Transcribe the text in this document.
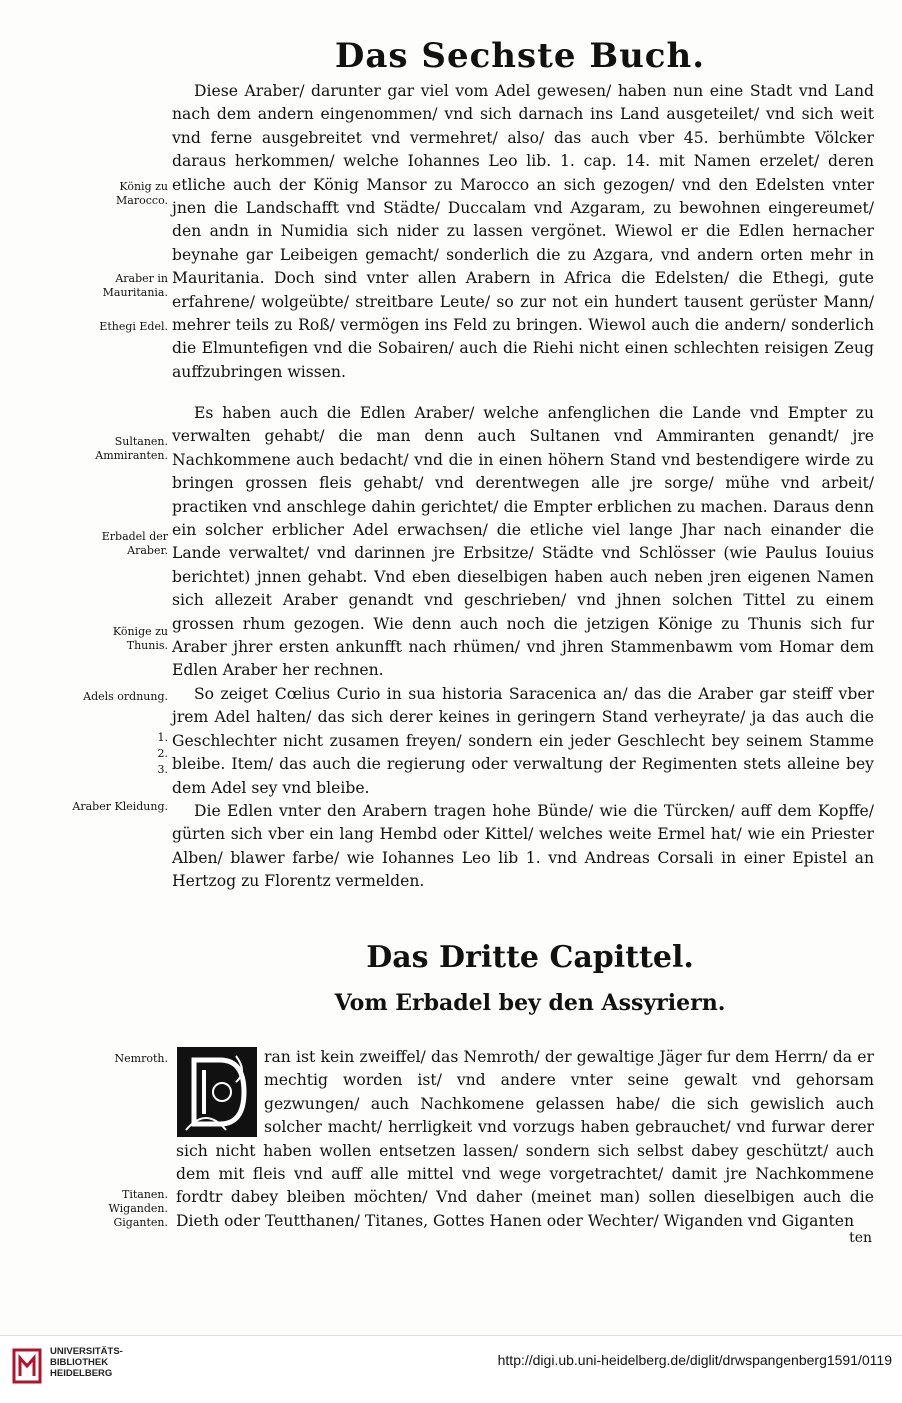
Das Sechste Buch.
König zu Marocco.
Araber in Mauritania.
Ethegi Edel.
Sultanen. Ammiranten.
Erbadel der Araber.
Könige zu Thunis.
Adels ordnung.
1.
2.
3.
Araber Kleidung.
Nemroth.
Titanen. Wiganden. Giganten.

Diese Araber/ darunter gar viel vom Adel gewesen/ haben nun eine Stadt vnd Land nach dem andern eingenommen/ vnd sich darnach ins Land ausgeteilet/ vnd sich weit vnd ferne ausgebreitet vnd vermehret/ also/ das auch vber 45. berhümbte Völcker daraus herkommen/ welche Iohannes Leo lib. 1. cap. 14. mit Namen erzelet/ deren etliche auch der König Mansor zu Marocco an sich gezogen/ vnd den Edelsten vnter jnen die Landschafft vnd Städte/ Duccalam vnd Azgaram, zu bewohnen eingereumet/ den andn in Numidia sich nider zu lassen vergönet. Wiewol er die Edlen hernacher beynahe gar Leibeigen gemacht/ sonderlich die zu Azgara, vnd andern orten mehr in Mauritania. Doch sind vnter allen Arabern in Africa die Edelsten/ die Ethegi, gute erfahrene/ wolgeübte/ streitbare Leute/ so zur not ein hundert tausent gerüster Mann/ mehrer teils zu Roß/ vermögen ins Feld zu bringen. Wiewol auch die andern/ sonderlich die Elmuntefigen vnd die Sobairen/ auch die Riehi nicht einen schlechten reisigen Zeug auffzubringen wissen.

Es haben auch die Edlen Araber/ welche anfenglichen die Lande vnd Empter zu verwalten gehabt/ die man denn auch Sultanen vnd Ammiranten genandt/ jre Nachkommene auch bedacht/ vnd die in einen höhern Stand vnd bestendigere wirde zu bringen grossen fleis gehabt/ vnd derentwegen alle jre sorge/ mühe vnd arbeit/ practiken vnd anschlege dahin gerichtet/ die Empter erblichen zu machen. Daraus denn ein solcher erblicher Adel erwachsen/ die etliche viel lange Jhar nach einander die Lande verwaltet/ vnd darinnen jre Erbsitze/ Städte vnd Schlösser (wie Paulus Iouius berichtet) jnnen gehabt. Vnd eben dieselbigen haben auch neben jren eigenen Namen sich allezeit Araber genandt vnd geschrieben/ vnd jhnen solchen Tittel zu einem grossen rhum gezogen. Wie denn auch noch die jetzigen Könige zu Thunis sich fur Araber jhrer ersten ankunfft nach rhümen/ vnd jhren Stammenbawm vom Homar dem Edlen Araber her rechnen.

So zeiget Cœlius Curio in sua historia Saracenica an/ das die Araber gar steiff vber jrem Adel halten/ das sich derer keines in geringern Stand verheyrate/ ja das auch die Geschlechter nicht zusamen freyen/ sondern ein jeder Geschlecht bey seinem Stamme bleibe. Item/ das auch die regierung oder verwaltung der Regimenten stets alleine bey dem Adel sey vnd bleibe.

Die Edlen vnter den Arabern tragen hohe Bünde/ wie die Türcken/ auff dem Kopffe/ gürten sich vber ein lang Hembd oder Kittel/ welches weite Ermel hat/ wie ein Priester Alben/ blawer farbe/ wie Iohannes Leo lib 1. vnd Andreas Corsali in einer Epistel an Hertzog zu Florentz vermelden.

Das Dritte Capittel.
Vom Erbadel bey den Assyriern.

ran ist kein zweiffel/ das Nemroth/ der gewaltige Jäger fur dem Herrn/ da er mechtig worden ist/ vnd andere vnter seine gewalt vnd gehorsam gezwungen/ auch Nachkomene gelassen habe/ die sich gewislich auch solcher macht/ herrligkeit vnd vorzugs haben gebrauchet/ vnd furwar derer sich nicht haben wollen entsetzen lassen/ sondern sich selbst dabey geschützt/ auch dem mit fleis vnd auff alle mittel vnd wege vorgetrachtet/ damit jre Nachkommene fordtr dabey bleiben möchten/ Vnd daher (meinet man) sollen dieselbigen auch die Dieth oder Teutthanen/ Titanes, Gottes Hanen oder Wechter/ Wiganden vnd Giganten

ten
UNIVERSITÄTS-
BIBLIOTHEK
HEIDELBERG
http://digi.ub.uni-heidelberg.de/diglit/drwspangenberg1591/0119
